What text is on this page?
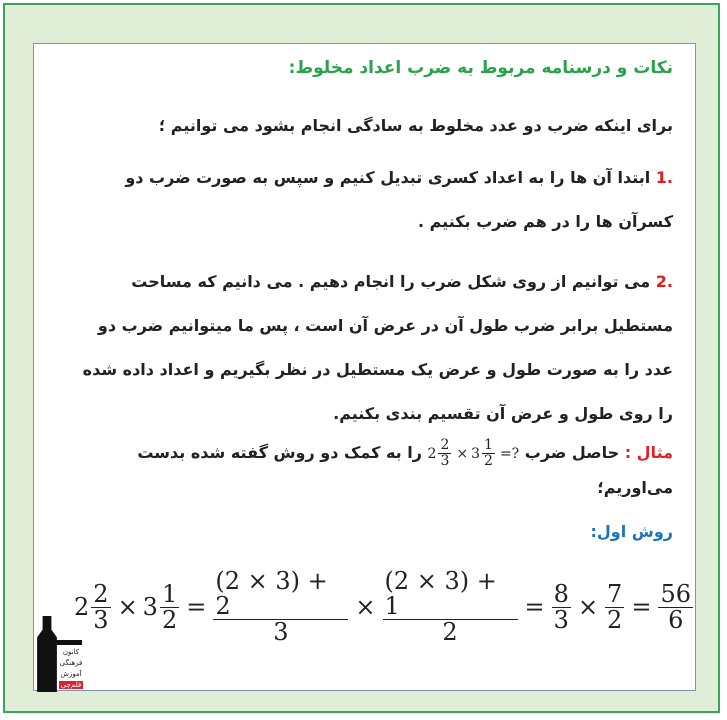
نکات و درسنامه مربوط به ضرب اعداد مخلوط:
برای اینکه ضرب دو عدد مخلوط به سادگی انجام بشود می توانیم ؛
.1 ابتدا آن ها را به اعداد کسری تبدیل کنیم و سپس به صورت ضرب دو
کسرآن ها را در هم ضرب بکنیم .
.2 می توانیم از روی شکل ضرب را انجام دهیم . می دانیم که مساحت
مستطیل برابر ضرب طول آن در عرض آن است ، پس ما میتوانیم ضرب دو
عدد را به صورت طول و عرض یک مستطیل در نظر بگیریم و اعداد داده شده
را روی طول و عرض آن تقسیم بندی بکنیم.
مثال : حاصل ضرب
$2 \frac{2}{3} \times 3 \frac{1}{2}$ =?
را به کمک دو روش گفته شده بدست
می‌اوریم؛
روش اول:
$2 \frac{2}{3} \times 3 \frac{1}{2} = \frac{(2 \times 3) + 2}{3} \times \frac{(2 \times 3) + 1}{2} = \frac{8}{3} \times \frac{7}{2} = \frac{56}{6}$
کانون
فرهنگی
آموزش
قلم‌چی
